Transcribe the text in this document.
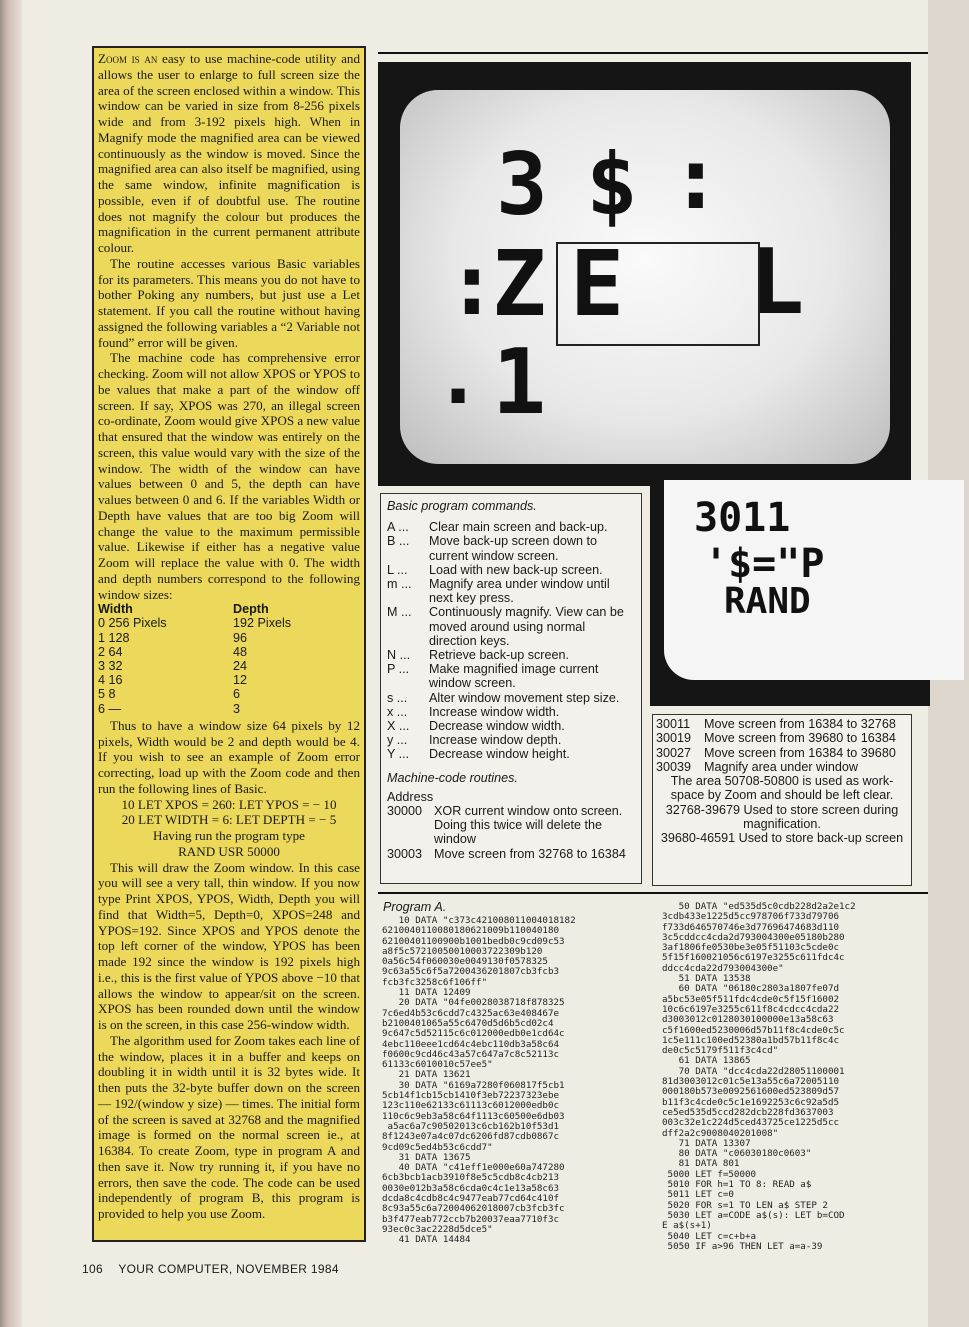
Zoom is an easy to use machine-code utility and allows the user to enlarge to full screen size the area of the screen enclosed within a window. This window can be varied in size from 8-256 pixels wide and from 3-192 pixels high. When in Magnify mode the magnified area can be viewed continuously as the window is moved. Since the magnified area can also itself be magnified, using the same window, infinite magnification is possible, even if of doubtful use. The routine does not magnify the colour but produces the magnification in the current permanent attribute colour.

The routine accesses various Basic variables for its parameters. This means you do not have to bother Poking any numbers, but just use a Let statement. If you call the routine without having assigned the following variables a “2 Variable not found” error will be given.

The machine code has comprehensive error checking. Zoom will not allow XPOS or YPOS to be values that make a part of the window off screen. If say, XPOS was 270, an illegal screen co-ordinate, Zoom would give XPOS a new value that ensured that the window was entirely on the screen, this value would vary with the size of the window. The width of the window can have values between 0 and 5, the depth can have values between 0 and 6. If the variables Width or Depth have values that are too big Zoom will change the value to the maximum permissible value. Likewise if either has a negative value Zoom will replace the value with 0. The width and depth numbers correspond to the following window sizes:

Width	Depth
0 256 Pixels	192 Pixels
1 128	96
2 64	48
3 32	24
4 16	12
5 8	6
6 —	3

Thus to have a window size 64 pixels by 12 pixels, Width would be 2 and depth would be 4. If you wish to see an example of Zoom error correcting, load up with the Zoom code and then run the following lines of Basic.

10 LET XPOS = 260: LET YPOS = − 10

20 LET WIDTH = 6: LET DEPTH = − 5

Having run the program type

RAND USR 50000

This will draw the Zoom window. In this case you will see a very tall, thin window. If you now type Print XPOS, YPOS, Width, Depth you will find that Width=5, Depth=0, XPOS=248 and YPOS=192. Since XPOS and YPOS denote the top left corner of the window, YPOS has been made 192 since the window is 192 pixels high i.e., this is the first value of YPOS above −10 that allows the window to appear/sit on the screen. XPOS has been rounded down until the window is on the screen, in this case 256-window width.

The algorithm used for Zoom takes each line of the window, places it in a buffer and keeps on doubling it in width until it is 32 bytes wide. It then puts the 32-byte buffer down on the screen — 192/(window y size) — times. The initial form of the screen is saved at 32768 and the magnified image is formed on the normal screen ie., at 16384. To create Zoom, type in program A and then save it. Now try running it, if you have no errors, then save the code. The code can be used independently of program B, this program is provided to help you use Zoom.

3 $ :
:
Z E L
. 1
3011
'$="P
RAND
Basic program commands.
A ...	Clear main screen and back-up.
B ...	Move back-up screen down to current window screen.
L ...	Load with new back-up screen.
m ...	Magnify area under window until next key press.
M ...	Continuously magnify. View can be moved around using normal direction keys.
N ...	Retrieve back-up screen.
P ...	Make magnified image current window screen.
s ...	Alter window movement step size.
x ...	Increase window width.
X ...	Decrease window width.
y ...	Increase window depth.
Y ...	Decrease window height.
Machine-code routines.
Address
30000 XOR current window onto screen. Doing this twice will delete the window
30003 Move screen from 32768 to 16384
30011	Move screen from 16384 to 32768
30019	Move screen from 39680 to 16384
30027	Move screen from 16384 to 39680
30039	Magnify area under window
The area 50708-50800 is used as work-space by Zoom and should be left clear.
32768-39679 Used to store screen during magnification.
39680-46591 Used to store back-up screen
Program A.
10 DATA "c373c421008011004018182
6210040110080180621009b110040180
62100401100900b1001bedb0c9cd09c53
a8f5c57210050010003722309b120
0a56c54f060030e0049130f0578325
9c63a55c6f5a7200436201807cb3fcb3
fcb3fc3258c6f106ff"
11 DATA 12409
20 DATA "04fe0028038718f878325
7c6ed4b53c6cdd7c4325ac63e408467e
b2100401065a55c6470d5d6b5cd02c4
9c647c5d52115c6c012000edb0e1cd64c
4ebc110eee1cd64c4ebc110db3a58c64
f0600c9cd46c43a57c647a7c8c52113c
61133c6010010c57ee5"
21 DATA 13621
30 DATA "6169a7280f060817f5cb1
5cb14f1cb15cb1410f3eb72237323ebe
123c110e62133c61113c6012000edb0c
110c6c9eb3a58c64f1113c60500e6db03
a5ac6a7c90502013c6cb162b10f53d1
8f1243e07a4c07dc6206fd87cdb0867c
9cd09c5ed4b53c6cdd7"
31 DATA 13675
40 DATA "c41eff1e000e60a747280
6cb3bcb1acb3910f8e5c5cdb8c4cb213
0030e012b3a58c6cda0c4c1e13a58c63
dcda8c4cdb8c4c9477eab77cd64c410f
8c93a55c6a72004062018007cb3fcb3fc
b3f477eab772ccb7b20037eaa7710f3c
93ec0c3ac2228d5dce5"
41 DATA 14484
50 DATA "ed535d5c0cdb228d2a2e1c2
3cdb433e1225d5cc978706f733d79706
f733d646570746e3d77696474683d110
3c5cddcc4cda2d793004300e05180b280
3af1806fe0530be3e05f51103c5cde0c
5f15f160021056c6197e3255c611fdc4c
ddcc4cda22d793004300e"
51 DATA 13538
60 DATA "06180c2803a1807fe07d
a5bc53e05f511fdc4cde0c5f15f16002
10c6c6197e3255c611f8c4cdcc4cda22
d3003012c0128030100000e13a58c63
c5f1600ed5230006d57b11f8c4cde0c5c
1c5e111c100ed52380a1bd57b11f8c4c
de0c5c5179f511f3c4cd"
61 DATA 13865
70 DATA "dcc4cda22d28051100001
81d3003012c01c5e13a55c6a72005110
000180b573e0092561600ed523809d57
b11f3c4cde0c5c1e1692253c6c92a5d5
ce5ed535d5ccd282dcb228fd3637003
003c32e1c224d5ced43725ce1225d5cc
dff2a2c9008040201008"
71 DATA 13307
80 DATA "c06030180c0603"
81 DATA 801
5000 LET f=50000
5010 FOR h=1 TO 8: READ a$
5011 LET c=0
5020 FOR s=1 TO LEN a$ STEP 2
5030 LET a=CODE a$(s): LET b=COD
E a$(s+1)
5040 LET c=c+b+a
5050 IF a>96 THEN LET a=a-39
106 YOUR COMPUTER, NOVEMBER 1984
